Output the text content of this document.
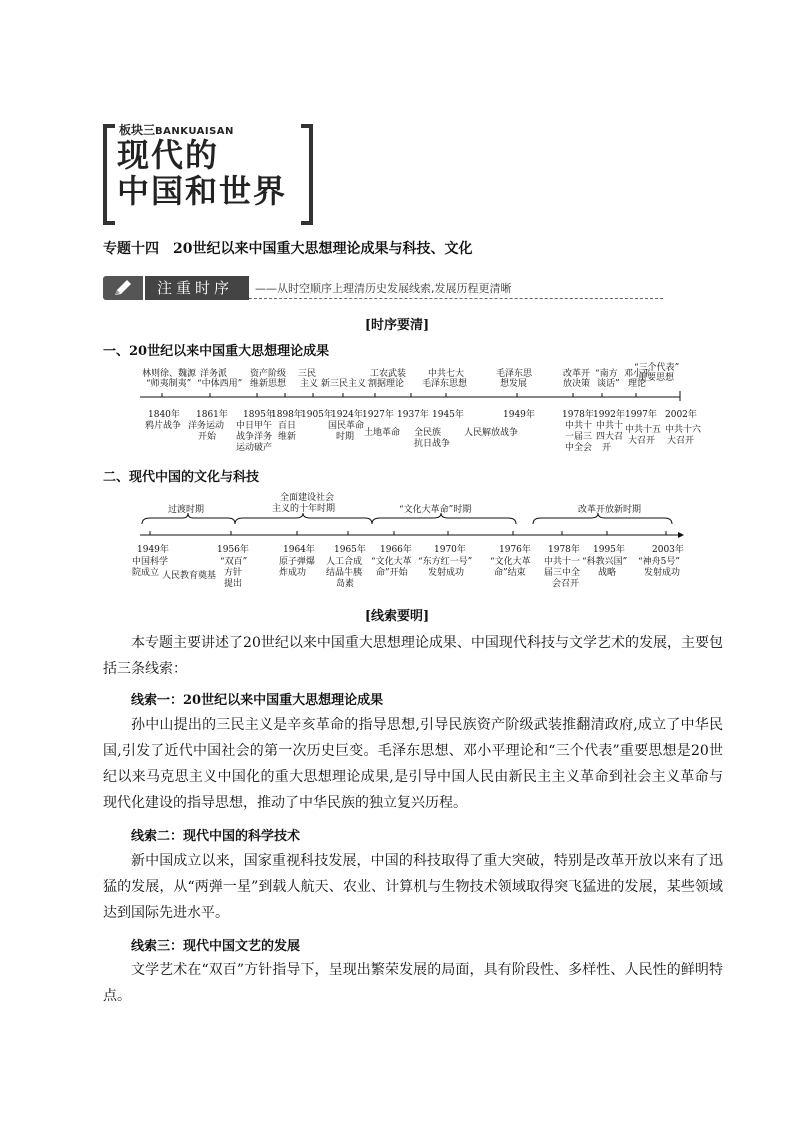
板块三BANKUAISAN
现代的
中国和世界
专题十四　20世纪以来中国重大思想理论成果与科技、文化
注重时序	——从时空顺序上理清历史发展线索,发展历程更清晰
[时序要清]
一、20世纪以来中国重大思想理论成果
林则徐、魏源
“师夷制夷”
洋务派
“中体西用”
资产阶级
维新思想
三民
主义 新三民主义
工农武装
割据理论
中共七大
毛泽东思想
毛泽东思
想发展
改革开
放决策
“南方
谈话”
邓小平
理论
“三个代表”
重要思想
1840年 1861年 1895年
1898年
1905年
1924年 1927年 1937年 1945年	1949年	1978年 1992年 1997年 2002年
鸦片战争 洋务运动
开始
中日甲午
战争洋务
运动破产
百日
维新
国民革命
时期 土地革命 全民族
抗日战争
人民解放战争
中共十
一届三
中全会
中共十
四大召
开
中共十五
大召开
中共十六
大召开
二、现代中国的文化与科技
过渡时期
全面建设社会
主义的十年时期	“文化大革命”时期	改革开放新时期
1949年	1956年	1964年 1965年 1966年 1970年	1976年 1978年 1995年	2003年
中国科学
院成立 人民教育奠基
“双百”
方针
提出
原子弹爆
炸成功
人工合成
结晶牛胰
岛素
“文化大革
命”开始
“东方红一号”
发射成功
“文化大革
命”结束
中共十一
届三中全
会召开
“科教兴国”
战略
“神舟5号”
发射成功
[线索要明]
本专题主要讲述了20世纪以来中国重大思想理论成果、中国现代科技与文学艺术的发展，主要包括三条线索：
线索一：20世纪以来中国重大思想理论成果
孙中山提出的三民主义是辛亥革命的指导思想,引导民族资产阶级武装推翻清政府,成立了中华民国,引发了近代中国社会的第一次历史巨变。毛泽东思想、邓小平理论和“三个代表”重要思想是20世纪以来马克思主义中国化的重大思想理论成果,是引导中国人民由新民主主义革命到社会主义革命与现代化建设的指导思想，推动了中华民族的独立复兴历程。
线索二：现代中国的科学技术
新中国成立以来，国家重视科技发展，中国的科技取得了重大突破，特别是改革开放以来有了迅猛的发展，从“两弹一星”到载人航天、农业、计算机与生物技术领域取得突飞猛进的发展，某些领域达到国际先进水平。
线索三：现代中国文艺的发展
文学艺术在“双百”方针指导下，呈现出繁荣发展的局面，具有阶段性、多样性、人民性的鲜明特点。
